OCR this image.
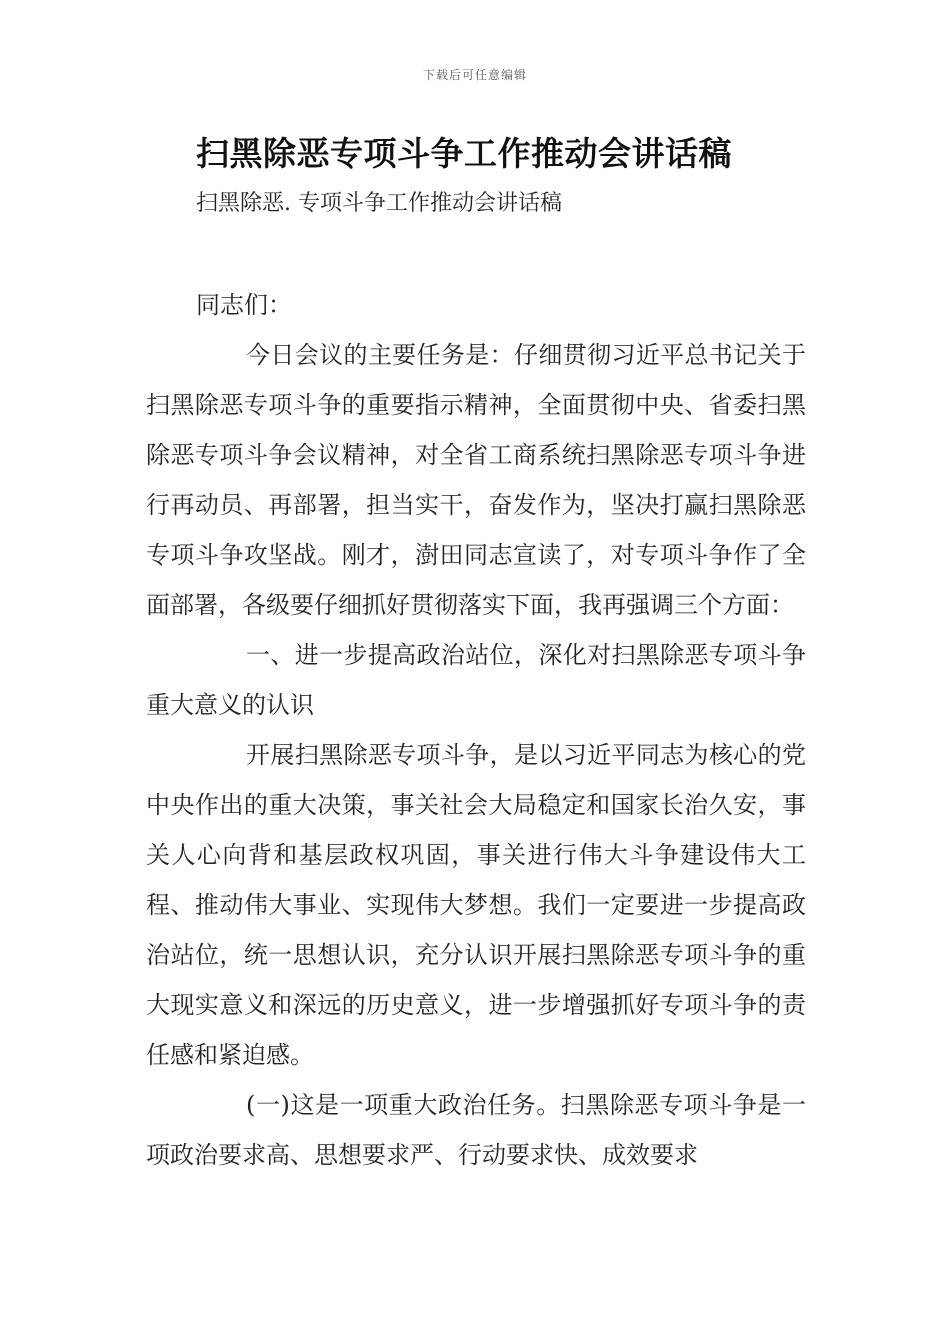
下载后可任意编辑
扫黑除恶专项斗争工作推动会讲话稿
扫黑除恶. 专项斗争工作推动会讲话稿

同志们：

今日会议的主要任务是：仔细贯彻习近平总书记关于扫黑除恶专项斗争的重要指示精神，全面贯彻中央、省委扫黑除恶专项斗争会议精神，对全省工商系统扫黑除恶专项斗争进行再动员、再部署，担当实干，奋发作为，坚决打赢扫黑除恶专项斗争攻坚战。刚才，澍田同志宣读了，对专项斗争作了全面部署，各级要仔细抓好贯彻落实下面，我再强调三个方面：

一、进一步提高政治站位，深化对扫黑除恶专项斗争重大意义的认识

开展扫黑除恶专项斗争，是以习近平同志为核心的党中央作出的重大决策，事关社会大局稳定和国家长治久安，事关人心向背和基层政权巩固，事关进行伟大斗争建设伟大工程、推动伟大事业、实现伟大梦想。我们一定要进一步提高政治站位，统一思想认识，充分认识开展扫黑除恶专项斗争的重大现实意义和深远的历史意义，进一步增强抓好专项斗争的责任感和紧迫感。

(一)这是一项重大政治任务。扫黑除恶专项斗争是一项政治要求高、思想要求严、行动要求快、成效要求
